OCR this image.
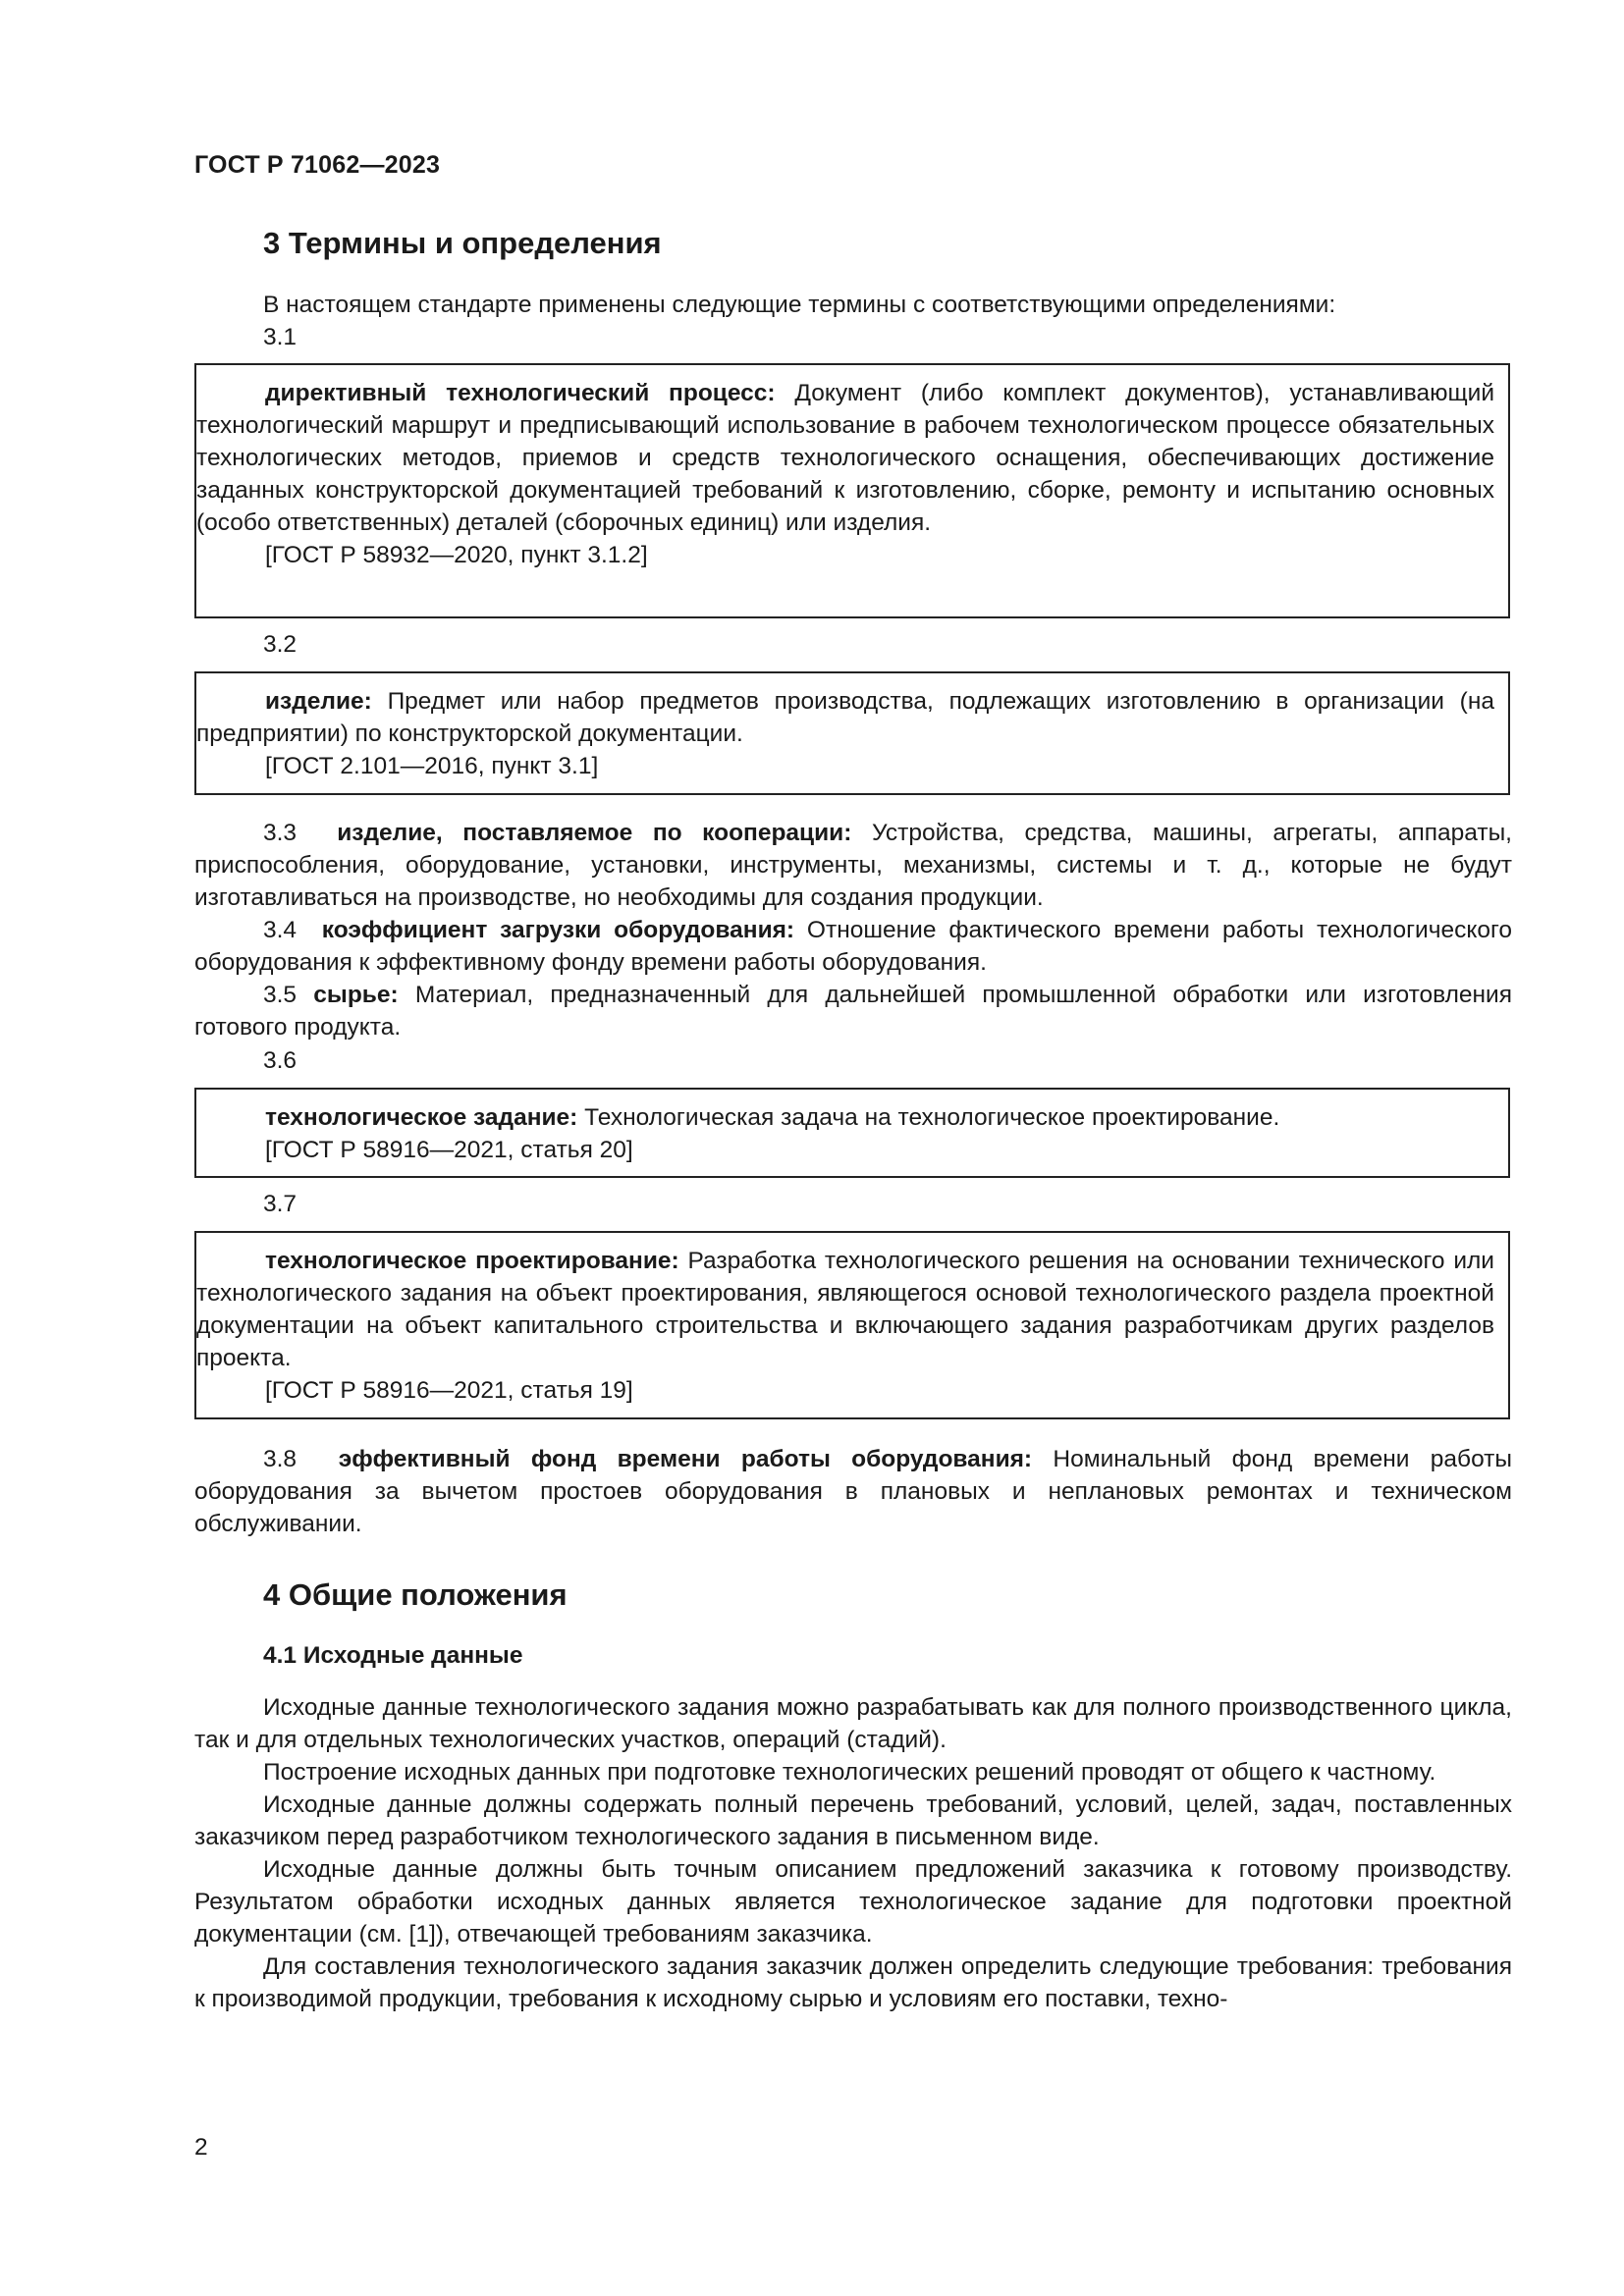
ГОСТ Р 71062—2023
3 Термины и определения
В настоящем стандарте применены следующие термины с соответствующими определениями:
3.1

директивный технологический процесс: Документ (либо комплект документов), устанавливающий технологический маршрут и предписывающий использование в рабочем технологическом процессе обязательных технологических методов, приемов и средств технологического оснащения, обеспечивающих достижение заданных конструкторской документацией требований к изготовлению, сборке, ремонту и испытанию основных (особо ответственных) деталей (сборочных единиц) или изделия.

[ГОСТ Р 58932—2020, пункт 3.1.2]
3.2

изделие: Предмет или набор предметов производства, подлежащих изготовлению в организации (на предприятии) по конструкторской документации.

[ГОСТ 2.101—2016, пункт 3.1]

3.3 изделие, поставляемое по кооперации: Устройства, средства, машины, агрегаты, аппараты, приспособления, оборудование, установки, инструменты, механизмы, системы и т. д., которые не будут изготавливаться на производстве, но необходимы для создания продукции.

3.4 коэффициент загрузки оборудования: Отношение фактического времени работы технологического оборудования к эффективному фонду времени работы оборудования.

3.5 сырье: Материал, предназначенный для дальнейшей промышленной обработки или изготовления готового продукта.

3.6

технологическое задание: Технологическая задача на технологическое проектирование.

[ГОСТ Р 58916—2021, статья 20]
3.7

технологическое проектирование: Разработка технологического решения на основании технического или технологического задания на объект проектирования, являющегося основой технологического раздела проектной документации на объект капитального строительства и включающего задания разработчикам других разделов проекта.

[ГОСТ Р 58916—2021, статья 19]

3.8 эффективный фонд времени работы оборудования: Номинальный фонд времени работы оборудования за вычетом простоев оборудования в плановых и неплановых ремонтах и техническом обслуживании.

4 Общие положения
4.1 Исходные данные

Исходные данные технологического задания можно разрабатывать как для полного производственного цикла, так и для отдельных технологических участков, операций (стадий).

Построение исходных данных при подготовке технологических решений проводят от общего к частному.

Исходные данные должны содержать полный перечень требований, условий, целей, задач, поставленных заказчиком перед разработчиком технологического задания в письменном виде.

Исходные данные должны быть точным описанием предложений заказчика к готовому производству. Результатом обработки исходных данных является технологическое задание для подготовки проектной документации (см. [1]), отвечающей требованиям заказчика.

Для составления технологического задания заказчик должен определить следующие требования: требования к производимой продукции, требования к исходному сырью и условиям его поставки, техно-

2
